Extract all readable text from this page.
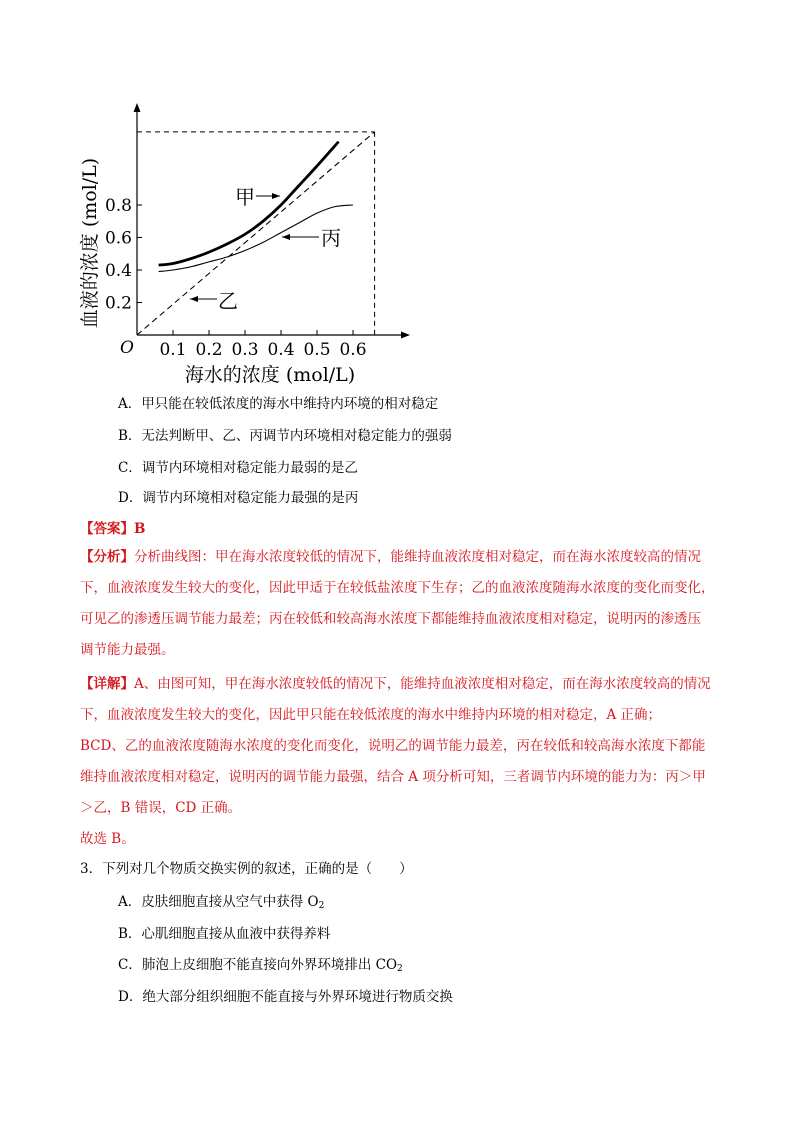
0.1 0.2 0.3 0.4 0.5 0.6
0.2
0.4
0.6
0.8
O
海水的浓度 (mol/L)
血液的浓度 (mol/L)	甲
丙
乙
A．甲只能在较低浓度的海水中维持内环境的相对稳定
B．无法判断甲、乙、丙调节内环境相对稳定能力的强弱
C．调节内环境相对稳定能力最弱的是乙
D．调节内环境相对稳定能力最强的是丙
【答案】B
【分析】分析曲线图：甲在海水浓度较低的情况下，能维持血液浓度相对稳定，而在海水浓度较高的情况
下，血液浓度发生较大的变化，因此甲适于在较低盐浓度下生存；乙的血液浓度随海水浓度的变化而变化，
可见乙的渗透压调节能力最差；丙在较低和较高海水浓度下都能维持血液浓度相对稳定，说明丙的渗透压
调节能力最强。
【详解】A、由图可知，甲在海水浓度较低的情况下，能维持血液浓度相对稳定，而在海水浓度较高的情况
下，血液浓度发生较大的变化，因此甲只能在较低浓度的海水中维持内环境的相对稳定，A 正确；
BCD、乙的血液浓度随海水浓度的变化而变化，说明乙的调节能力最差，丙在较低和较高海水浓度下都能
维持血液浓度相对稳定，说明丙的调节能力最强，结合 A 项分析可知，三者调节内环境的能力为：丙＞甲
＞乙，B 错误，CD 正确。
故选 B。
3．下列对几个物质交换实例的叙述，正确的是（　　）
A．皮肤细胞直接从空气中获得 $O_2$
B．心肌细胞直接从血液中获得养料
C．肺泡上皮细胞不能直接向外界环境排出 $CO_2$
D．绝大部分组织细胞不能直接与外界环境进行物质交换
